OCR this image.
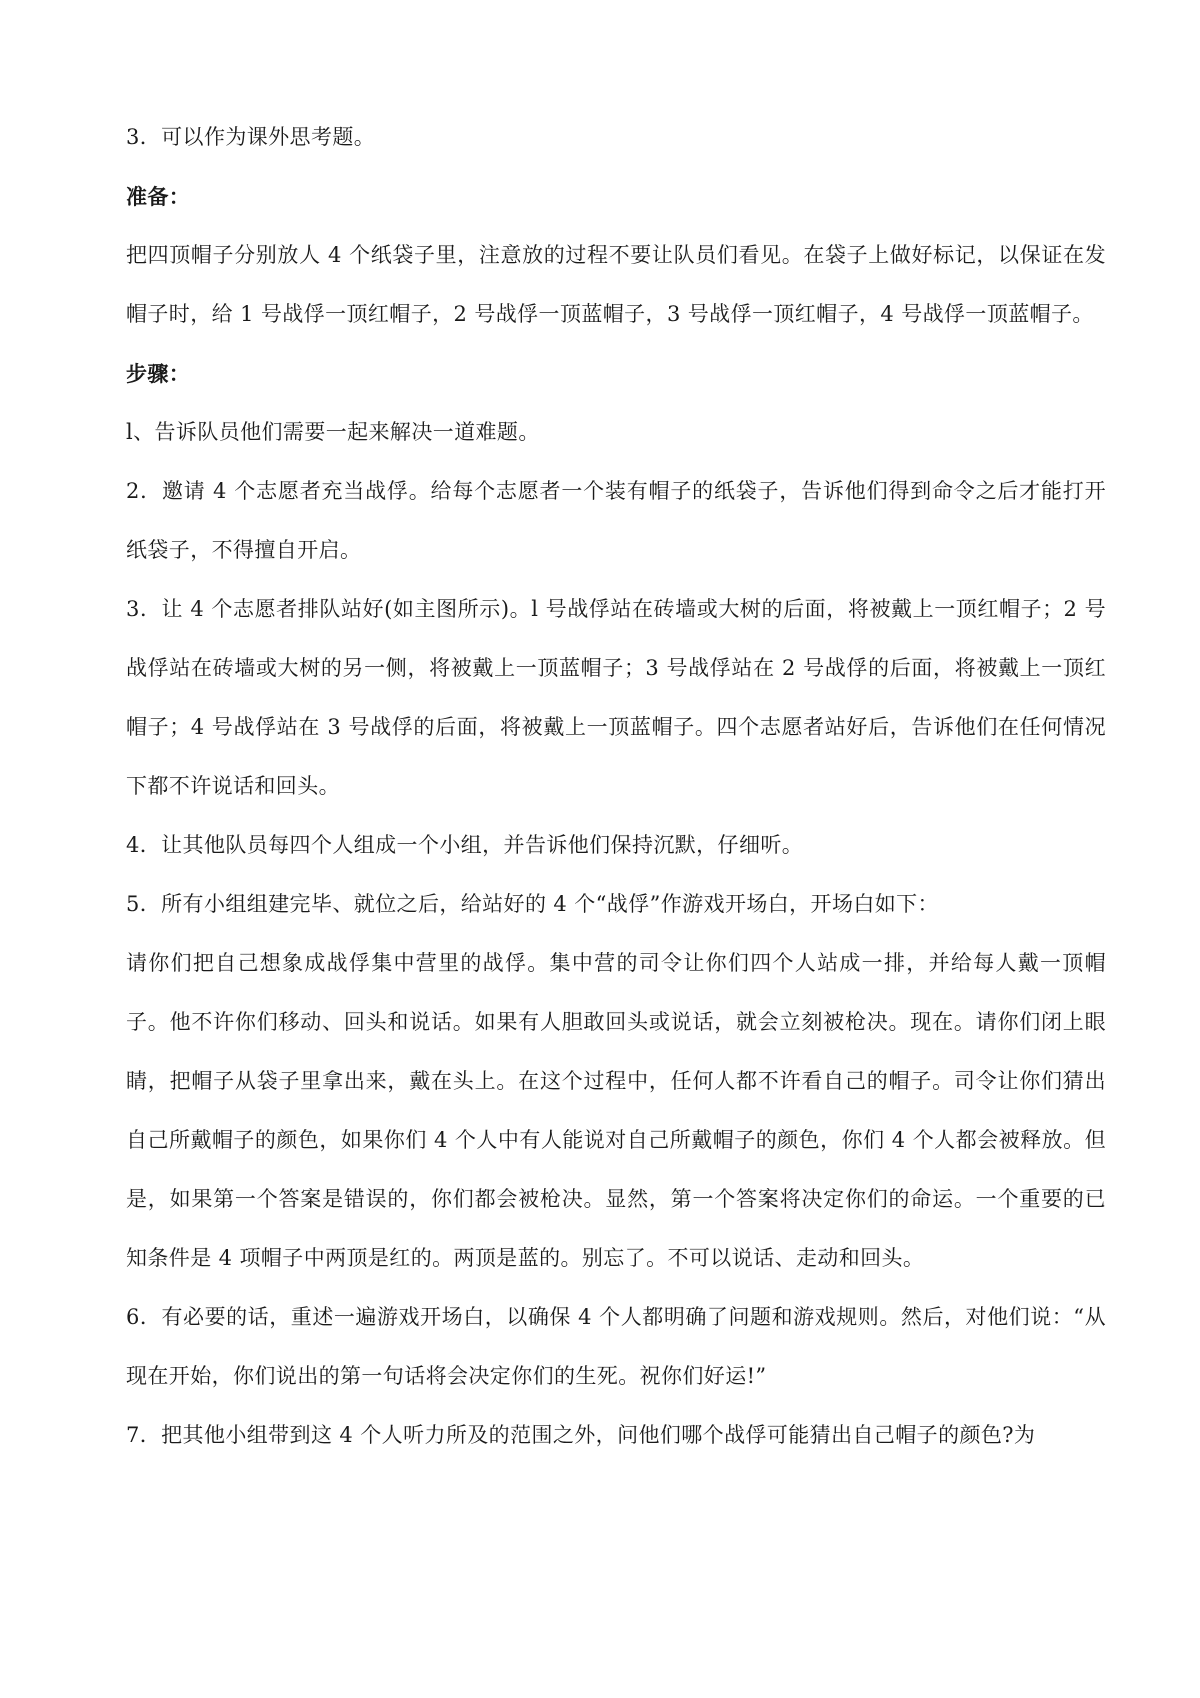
3．可以作为课外思考题。

准备：

把四顶帽子分别放人 4 个纸袋子里，注意放的过程不要让队员们看见。在袋子上做好标记，以保证在发帽子时，给 1 号战俘一顶红帽子，2 号战俘一顶蓝帽子，3 号战俘一顶红帽子，4 号战俘一顶蓝帽子。

步骤：

l、告诉队员他们需要一起来解决一道难题。

2．邀请 4 个志愿者充当战俘。给每个志愿者一个装有帽子的纸袋子，告诉他们得到命令之后才能打开纸袋子，不得擅自开启。

3．让 4 个志愿者排队站好(如主图所示)。l 号战俘站在砖墙或大树的后面，将被戴上一顶红帽子；2 号战俘站在砖墙或大树的另一侧，将被戴上一顶蓝帽子；3 号战俘站在 2 号战俘的后面，将被戴上一顶红帽子；4 号战俘站在 3 号战俘的后面，将被戴上一顶蓝帽子。四个志愿者站好后，告诉他们在任何情况下都不许说话和回头。

4．让其他队员每四个人组成一个小组，并告诉他们保持沉默，仔细听。

5．所有小组组建完毕、就位之后，给站好的 4 个“战俘”作游戏开场白，开场白如下：

请你们把自己想象成战俘集中营里的战俘。集中营的司令让你们四个人站成一排，并给每人戴一顶帽子。他不许你们移动、回头和说话。如果有人胆敢回头或说话，就会立刻被枪决。现在。请你们闭上眼睛，把帽子从袋子里拿出来，戴在头上。在这个过程中，任何人都不许看自己的帽子。司令让你们猜出自己所戴帽子的颜色，如果你们 4 个人中有人能说对自己所戴帽子的颜色，你们 4 个人都会被释放。但是，如果第一个答案是错误的，你们都会被枪决。显然，第一个答案将决定你们的命运。一个重要的已知条件是 4 项帽子中两顶是红的。两顶是蓝的。别忘了。不可以说话、走动和回头。

6．有必要的话，重述一遍游戏开场白，以确保 4 个人都明确了问题和游戏规则。然后，对他们说：“从现在开始，你们说出的第一句话将会决定你们的生死。祝你们好运!”

7．把其他小组带到这 4 个人听力所及的范围之外，问他们哪个战俘可能猜出自己帽子的颜色?为
